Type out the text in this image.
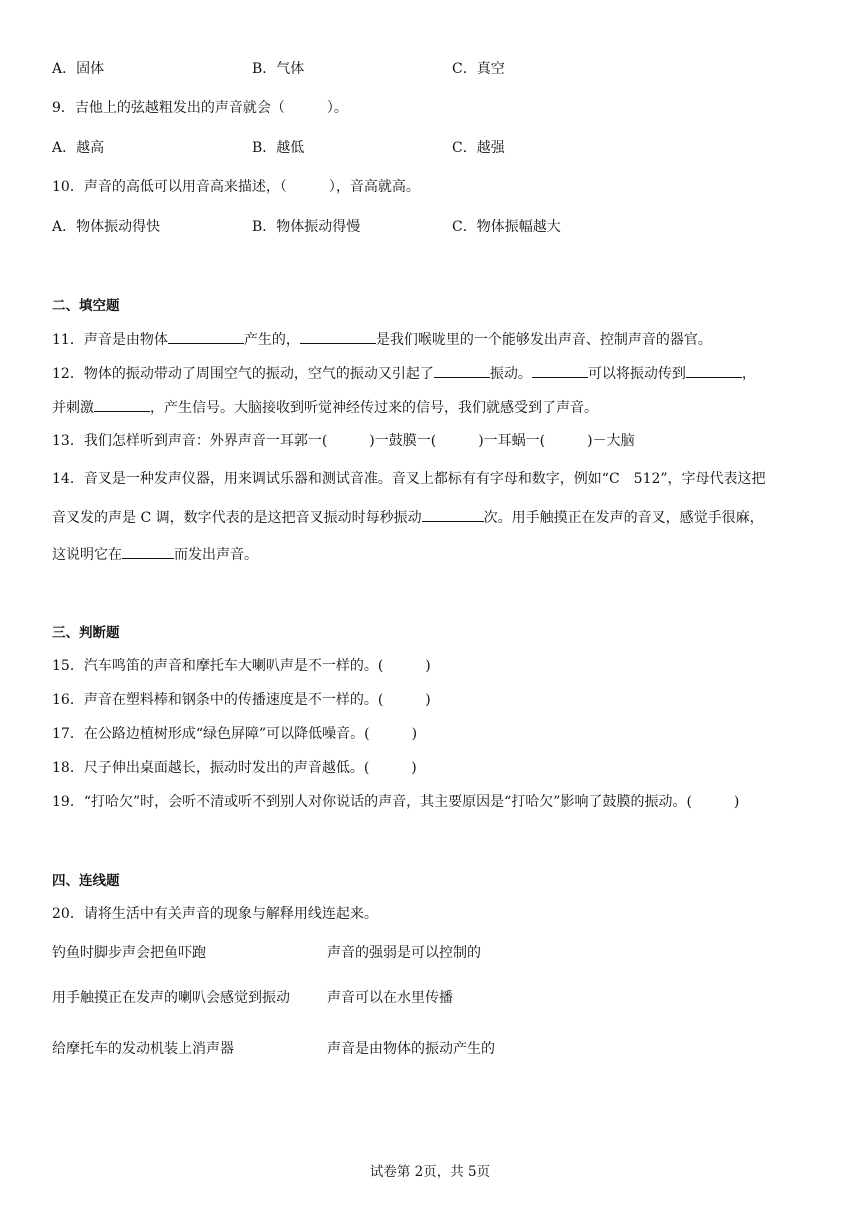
A．固体	B．气体	C．真空
9．吉他上的弦越粗发出的声音就会（　　　）。
A．越高	B．越低	C．越强
10．声音的高低可以用音高来描述，（　　　），音高就高。
A．物体振动得快	B．物体振动得慢	C．物体振幅越大
二、填空题
11．声音是由物体	产生的，	是我们喉咙里的一个能够发出声音、控制声音的器官。
12．物体的振动带动了周围空气的振动，空气的振动又引起了	振动。	可以将振动传到	，
并刺激	，产生信号。大脑接收到听觉神经传过来的信号，我们就感受到了声音。
13．我们怎样听到声音：外界声音一耳郭一(　　　)一鼓膜一(　　　)一耳蜗一(　　　)－大脑
14．音叉是一种发声仪器，用来调试乐器和测试音准。音叉上都标有有字母和数字，例如“C　512”，字母代表这把
音叉发的声是 C 调，数字代表的是这把音叉振动时每秒振动	次。用手触摸正在发声的音叉，感觉手很麻，
这说明它在	而发出声音。
三、判断题
15．汽车鸣笛的声音和摩托车大喇叭声是不一样的。(　　　)
16．声音在塑料棒和钢条中的传播速度是不一样的。(　　　)
17．在公路边植树形成“绿色屏障”可以降低噪音。(　　　)
18．尺子伸出桌面越长，振动时发出的声音越低。(　　　)
19．“打哈欠”时，会听不清或听不到别人对你说话的声音，其主要原因是“打哈欠”影响了鼓膜的振动。(　　　)
四、连线题
20．请将生活中有关声音的现象与解释用线连起来。
钓鱼时脚步声会把鱼吓跑
用手触摸正在发声的喇叭会感觉到振动
给摩托车的发动机装上消声器
声音的强弱是可以控制的
声音可以在水里传播
声音是由物体的振动产生的
试卷第 2页，共 5页
